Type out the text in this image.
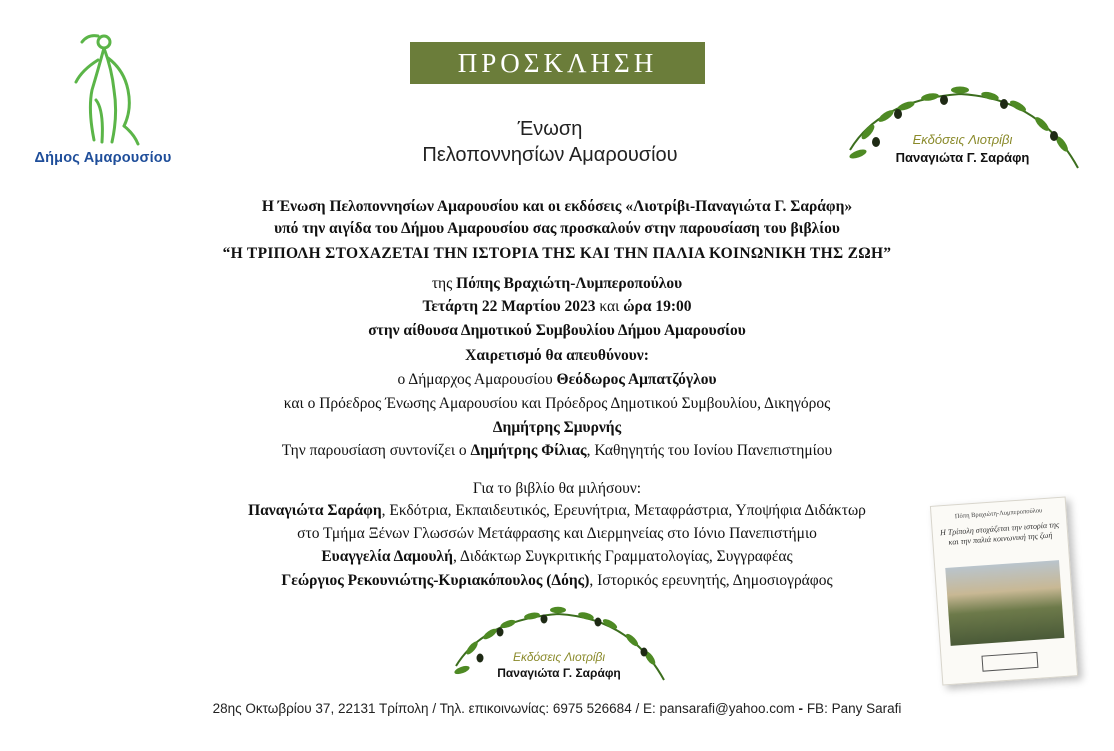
Δήμος Αμαρουσίου
ΠΡΟΣΚΛΗΣΗ
Ένωση
Πελοποννησίων Αμαρουσίου
Εκδόσεις Λιοτρίβι
Παναγιώτα Γ. Σαράφη
Η Ένωση Πελοποννησίων Αμαρουσίου και οι εκδόσεις «Λιοτρίβι-Παναγιώτα Γ. Σαράφη»
υπό την αιγίδα του Δήμου Αμαρουσίου σας προσκαλούν στην παρουσίαση του βιβλίου
“Η ΤΡΙΠΟΛΗ ΣΤΟΧΑΖΕΤΑΙ ΤΗΝ ΙΣΤΟΡΙΑ ΤΗΣ ΚΑΙ ΤΗΝ ΠΑΛΙΑ ΚΟΙΝΩΝΙΚΗ ΤΗΣ ΖΩΗ”
της Πόπης Βραχιώτη-Λυμπεροπούλου
Τετάρτη 22 Μαρτίου 2023 και ώρα 19:00
στην αίθουσα Δημοτικού Συμβουλίου Δήμου Αμαρουσίου
Χαιρετισμό θα απευθύνουν:
ο Δήμαρχος Αμαρουσίου Θεόδωρος Αμπατζόγλου
και ο Πρόεδρος Ένωσης Αμαρουσίου και Πρόεδρος Δημοτικού Συμβουλίου, Δικηγόρος
Δημήτρης Σμυρνής
Την παρουσίαση συντονίζει ο Δημήτρης Φίλιας, Καθηγητής του Ιονίου Πανεπιστημίου
Για το βιβλίο θα μιλήσουν:
Παναγιώτα Σαράφη, Εκδότρια, Εκπαιδευτικός, Ερευνήτρια, Μεταφράστρια, Υποψήφια Διδάκτωρ
στο Τμήμα Ξένων Γλωσσών Μετάφρασης και Διερμηνείας στο Ιόνιο Πανεπιστήμιο
Ευαγγελία Δαμουλή, Διδάκτωρ Συγκριτικής Γραμματολογίας, Συγγραφέας
Γεώργιος Ρεκουνιώτης-Κυριακόπουλος (Δόης), Ιστορικός ερευνητής, Δημοσιογράφος
Πόπη Βραχιώτη-Λυμπεροπούλου
Η Τρίπολη στοχάζεται την ιστορία της και την παλιά κοινωνική της ζωή
Εκδόσεις Λιοτρίβι
Παναγιώτα Γ. Σαράφη
28ης Οκτωβρίου 37, 22131 Τρίπολη / Τηλ. επικοινωνίας: 6975 526684 / E: pansarafi@yahoo.com - FB: Pany Sarafi
